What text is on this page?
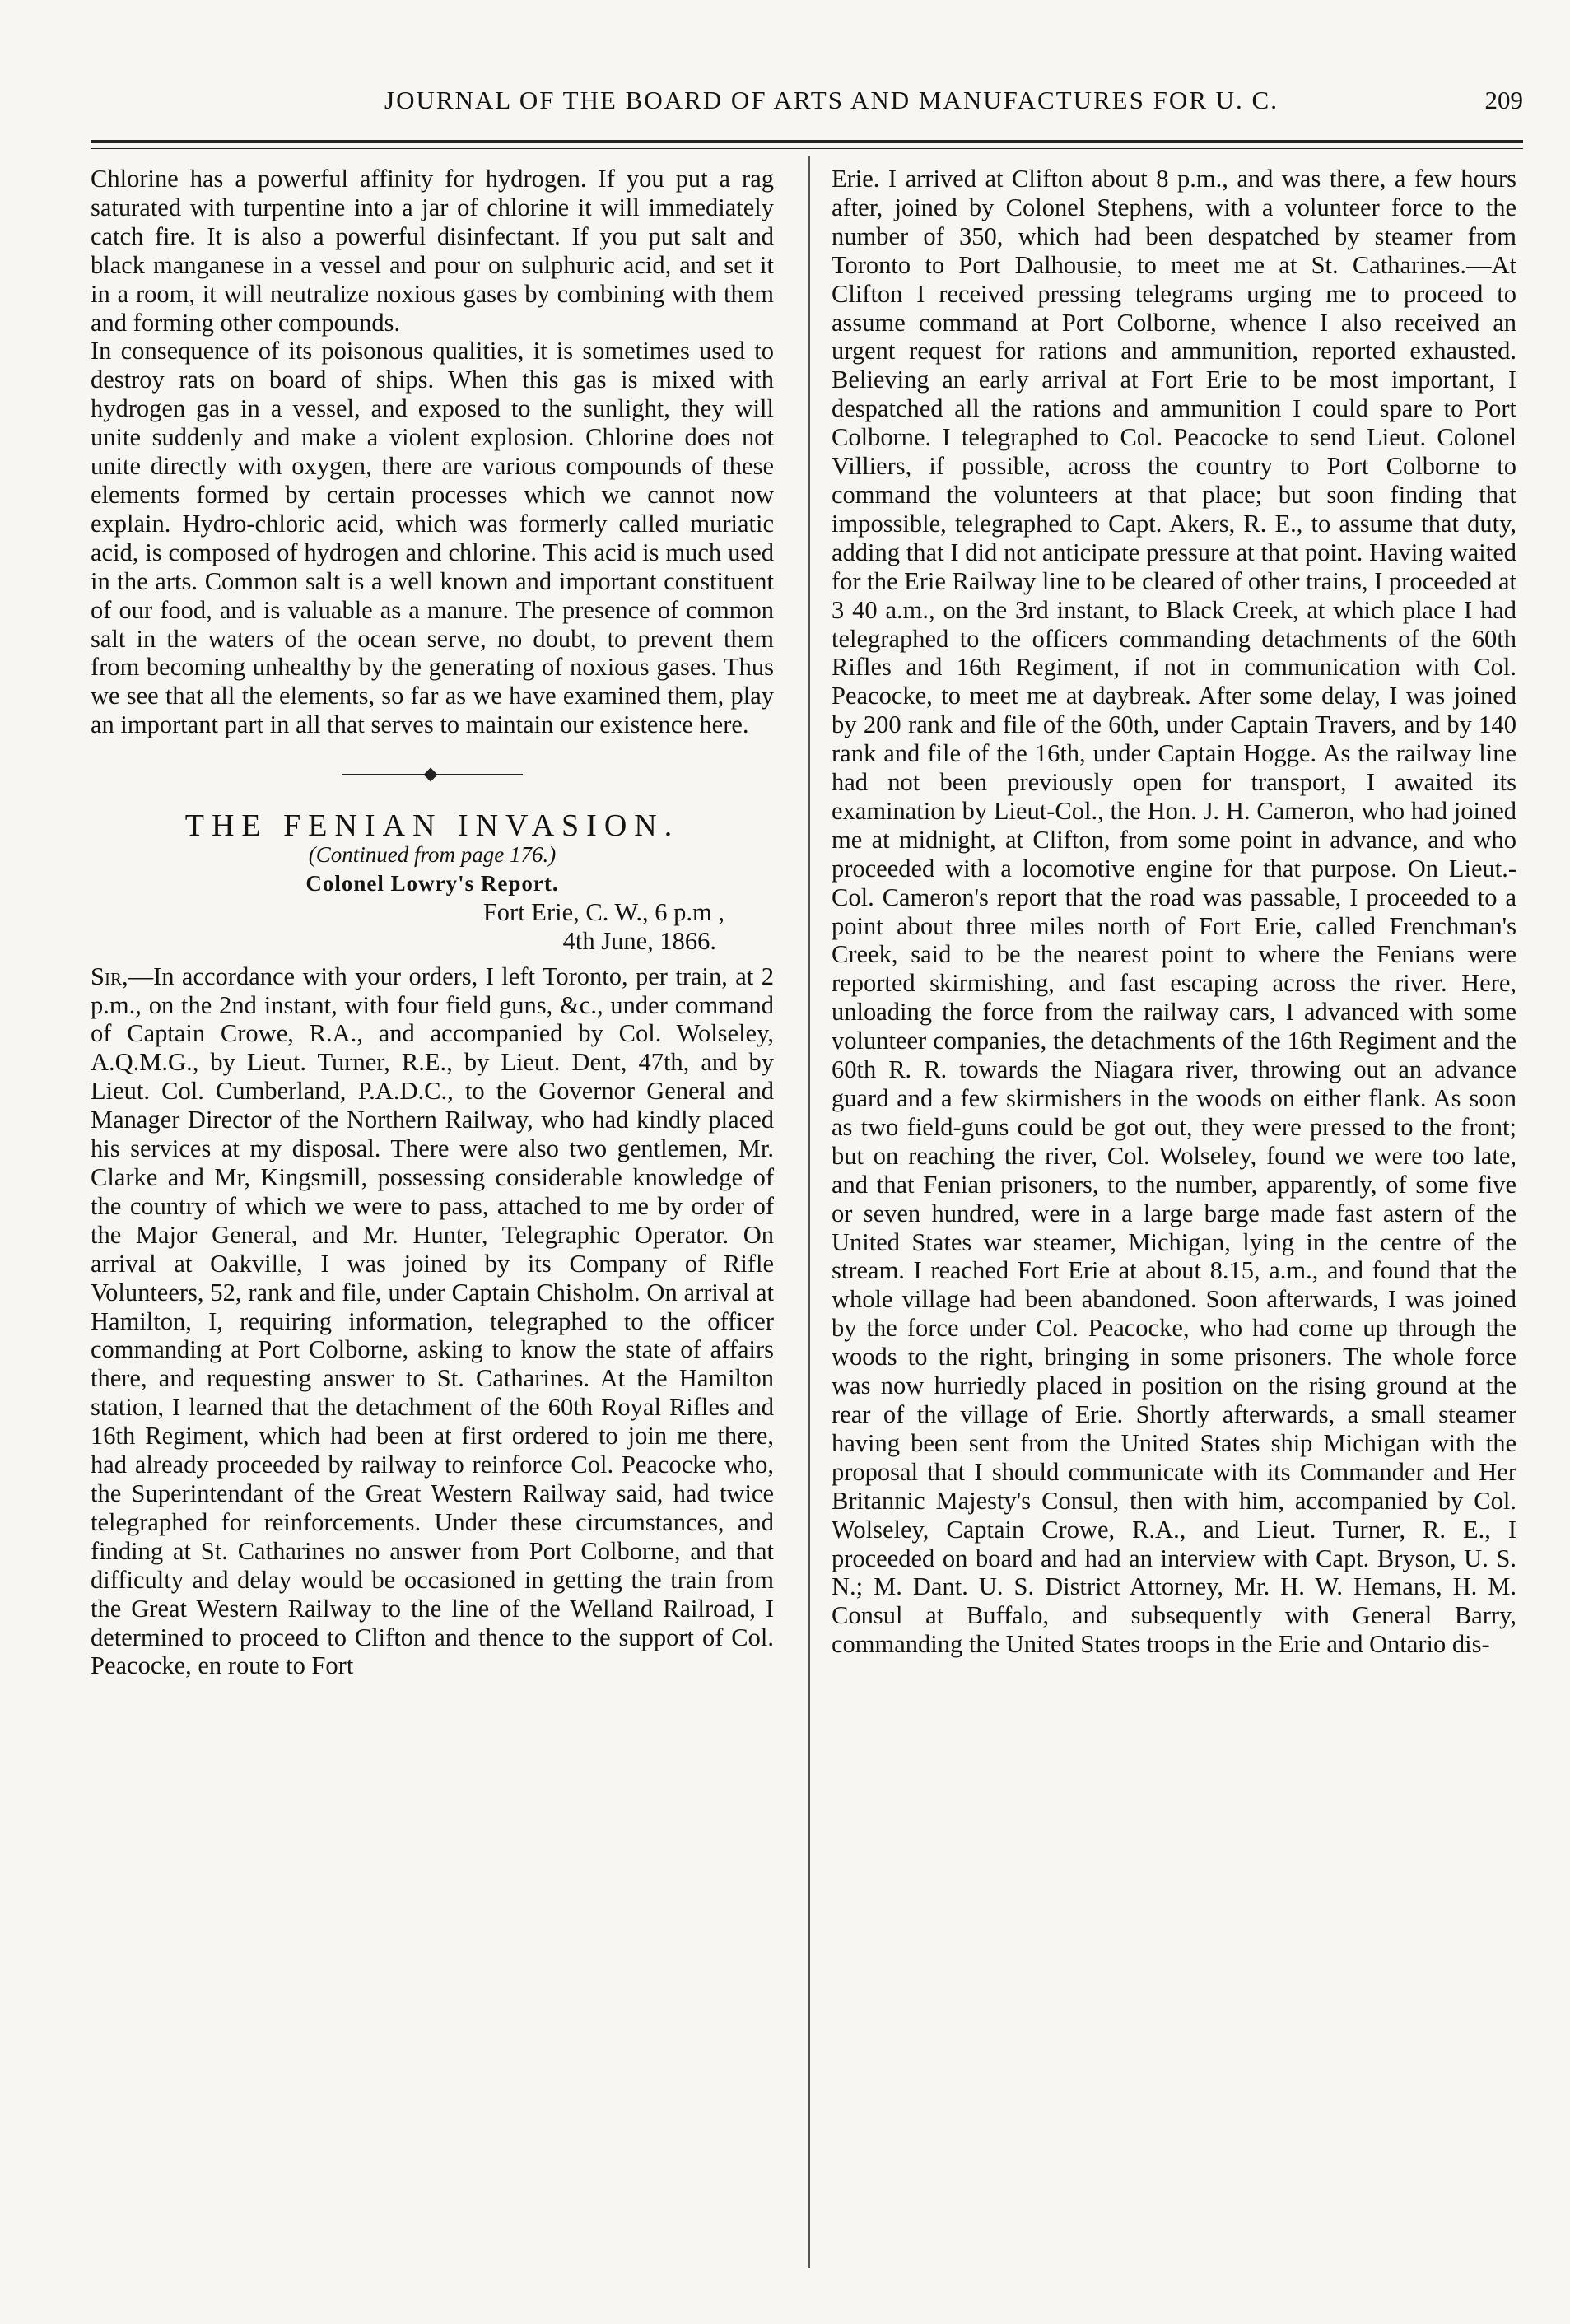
JOURNAL OF THE BOARD OF ARTS AND MANUFACTURES FOR U. C.	209

Chlorine has a powerful affinity for hydrogen. If you put a rag saturated with turpentine into a jar of chlorine it will immediately catch fire. It is also a powerful disinfectant. If you put salt and black manganese in a vessel and pour on sulphuric acid, and set it in a room, it will neutralize noxious gases by combining with them and forming other compounds.

In consequence of its poisonous qualities, it is sometimes used to destroy rats on board of ships. When this gas is mixed with hydrogen gas in a vessel, and exposed to the sunlight, they will unite suddenly and make a violent explosion. Chlorine does not unite directly with oxygen, there are various compounds of these elements formed by certain processes which we cannot now explain. Hydro-chloric acid, which was formerly called muriatic acid, is composed of hydrogen and chlorine. This acid is much used in the arts. Common salt is a well known and important constituent of our food, and is valuable as a manure. The presence of common salt in the waters of the ocean serve, no doubt, to prevent them from becoming unhealthy by the generating of noxious gases. Thus we see that all the elements, so far as we have examined them, play an important part in all that serves to maintain our existence here.

THE FENIAN INVASION.

(Continued from page 176.)

Colonel Lowry's Report.

Fort Erie, C. W., 6 p.m ,

4th June, 1866.

Sir,—In accordance with your orders, I left Toronto, per train, at 2 p.m., on the 2nd instant, with four field guns, &c., under command of Captain Crowe, R.A., and accompanied by Col. Wolseley, A.Q.M.G., by Lieut. Turner, R.E., by Lieut. Dent, 47th, and by Lieut. Col. Cumberland, P.A.D.C., to the Governor General and Manager Director of the Northern Railway, who had kindly placed his services at my disposal. There were also two gentlemen, Mr. Clarke and Mr, Kingsmill, possessing considerable knowledge of the country of which we were to pass, attached to me by order of the Major General, and Mr. Hunter, Telegraphic Operator. On arrival at Oakville, I was joined by its Company of Rifle Volunteers, 52, rank and file, under Captain Chisholm. On arrival at Hamilton, I, requiring information, telegraphed to the officer commanding at Port Colborne, asking to know the state of affairs there, and requesting answer to St. Catharines. At the Hamilton station, I learned that the detachment of the 60th Royal Rifles and 16th Regiment, which had been at first ordered to join me there, had already proceeded by railway to reinforce Col. Peacocke who, the Superintendant of the Great Western Railway said, had twice telegraphed for reinforcements. Under these circumstances, and finding at St. Catharines no answer from Port Colborne, and that difficulty and delay would be occasioned in getting the train from the Great Western Railway to the line of the Welland Railroad, I determined to proceed to Clifton and thence to the support of Col. Peacocke, en route to Fort

Erie. I arrived at Clifton about 8 p.m., and was there, a few hours after, joined by Colonel Stephens, with a volunteer force to the number of 350, which had been despatched by steamer from Toronto to Port Dalhousie, to meet me at St. Catharines.—At Clifton I received pressing telegrams urging me to proceed to assume command at Port Colborne, whence I also received an urgent request for rations and ammunition, reported exhausted. Believing an early arrival at Fort Erie to be most important, I despatched all the rations and ammunition I could spare to Port Colborne. I telegraphed to Col. Peacocke to send Lieut. Colonel Villiers, if possible, across the country to Port Colborne to command the volunteers at that place; but soon finding that impossible, telegraphed to Capt. Akers, R. E., to assume that duty, adding that I did not anticipate pressure at that point. Having waited for the Erie Railway line to be cleared of other trains, I proceeded at 3 40 a.m., on the 3rd instant, to Black Creek, at which place I had telegraphed to the officers commanding detachments of the 60th Rifles and 16th Regiment, if not in communication with Col. Peacocke, to meet me at daybreak. After some delay, I was joined by 200 rank and file of the 60th, under Captain Travers, and by 140 rank and file of the 16th, under Captain Hogge. As the railway line had not been previously open for transport, I awaited its examination by Lieut-Col., the Hon. J. H. Cameron, who had joined me at midnight, at Clifton, from some point in advance, and who proceeded with a locomotive engine for that purpose. On Lieut.-Col. Cameron's report that the road was passable, I proceeded to a point about three miles north of Fort Erie, called Frenchman's Creek, said to be the nearest point to where the Fenians were reported skirmishing, and fast escaping across the river. Here, unloading the force from the railway cars, I advanced with some volunteer companies, the detachments of the 16th Regiment and the 60th R. R. towards the Niagara river, throwing out an advance guard and a few skirmishers in the woods on either flank. As soon as two field-guns could be got out, they were pressed to the front; but on reaching the river, Col. Wolseley, found we were too late, and that Fenian prisoners, to the number, apparently, of some five or seven hundred, were in a large barge made fast astern of the United States war steamer, Michigan, lying in the centre of the stream. I reached Fort Erie at about 8.15, a.m., and found that the whole village had been abandoned. Soon afterwards, I was joined by the force under Col. Peacocke, who had come up through the woods to the right, bringing in some prisoners. The whole force was now hurriedly placed in position on the rising ground at the rear of the village of Erie. Shortly afterwards, a small steamer having been sent from the United States ship Michigan with the proposal that I should communicate with its Commander and Her Britannic Majesty's Consul, then with him, accompanied by Col. Wolseley, Captain Crowe, R.A., and Lieut. Turner, R. E., I proceeded on board and had an interview with Capt. Bryson, U. S. N.; M. Dant. U. S. District Attorney, Mr. H. W. Hemans, H. M. Consul at Buffalo, and subsequently with General Barry, commanding the United States troops in the Erie and Ontario dis-
